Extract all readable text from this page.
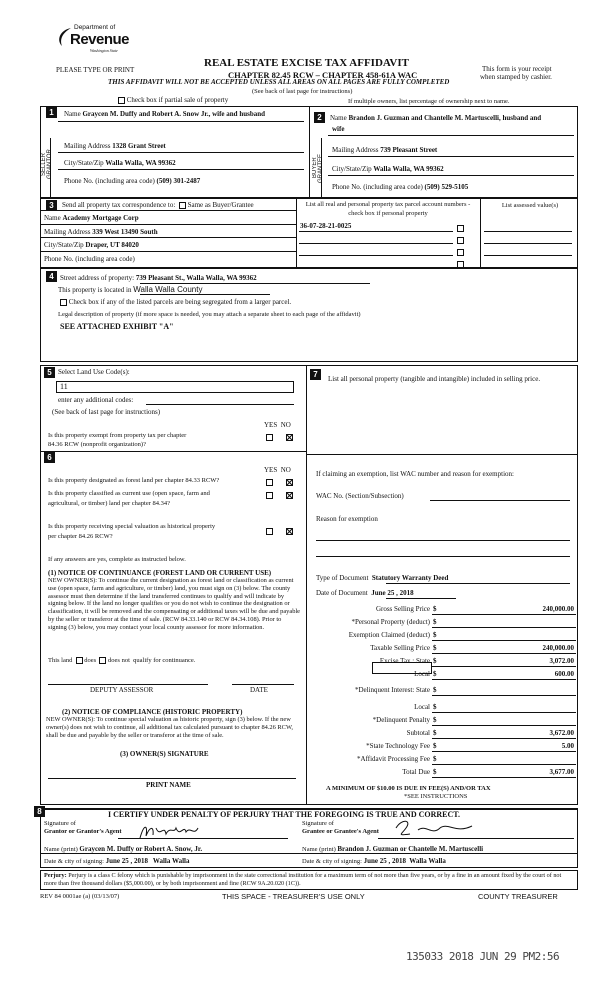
Department of
Revenue
Washington State
PLEASE TYPE OR PRINT
REAL ESTATE EXCISE TAX AFFIDAVIT
CHAPTER 82.45 RCW – CHAPTER 458-61A WAC
THIS AFFIDAVIT WILL NOT BE ACCEPTED UNLESS ALL AREAS ON ALL PAGES ARE FULLY COMPLETED
(See back of last page for instructions)
This form is your receipt
when stamped by cashier.
Check box if partial sale of property	If multiple owners, list percentage of ownership next to name.
1
2
SELLER GRANTOR	BUYER GRANTEE
Name Graycen M. Duffy and Robert A. Snow Jr., wife and husband
Mailing Address 1328 Grant Street
City/State/Zip Walla Walla, WA 99362
Phone No. (including area code) (509) 301-2487
Name Brandon J. Guzman and Chantelle M. Martuscelli, husband and
wife
Mailing Address 739 Pleasant Street
City/State/Zip Walla Walla, WA 99362
Phone No. (including area code) (509) 529-5105
3	Send all property tax correspondence to: Same as Buyer/Grantee
Name Academy Mortgage Corp
Mailing Address 339 West 13490 South
City/State/Zip Draper, UT 84020
Phone No. (including area code)
List all real and personal property tax parcel account numbers - check box if personal property
List assessed value(s)
36-07-28-21-0025
4 Street address of property: 739 Pleasant St., Walla Walla, WA 99362
This property is located in Walla Walla County
Check box if any of the listed parcels are being segregated from a larger parcel.
Legal description of property (if more space is needed, you may attach a separate sheet to each page of the affidavit)
SEE ATTACHED EXHIBIT "A"
5 Select Land Use Code(s):
11
enter any additional codes:
(See back of last page for instructions)
YES NO
Is this property exempt from property tax per chapter
84.36 RCW (nonprofit organization)?
6
YES NO
Is this property designated as forest land per chapter 84.33 RCW?
Is this property classified as current use (open space, farm and
agricultural, or timber) land per chapter 84.34?
Is this property receiving special valuation as historical property
per chapter 84.26 RCW?
If any answers are yes, complete as instructed below.
(1) NOTICE OF CONTINUANCE (FOREST LAND OR CURRENT USE)
NEW OWNER(S): To continue the current designation as forest land or classification as current use (open space, farm and agriculture, or timber) land, you must sign on (3) below. The county assessor must then determine if the land transferred continues to qualify and will indicate by signing below. If the land no longer qualifies or you do not wish to continue the designation or classification, it will be removed and the compensating or additional taxes will be due and payable by the seller or transferor at the time of sale. (RCW 84.33.140 or RCW 84.34.108). Prior to signing (3) below, you may contact your local county assessor for more information.
This land does does not qualify for continuance.
DEPUTY ASSESSOR	DATE
(2) NOTICE OF COMPLIANCE (HISTORIC PROPERTY)
NEW OWNER(S): To continue special valuation as historic property, sign (3) below. If the new owner(s) does not wish to continue, all additional tax calculated pursuant to chapter 84.26 RCW, shall be due and payable by the seller or transferor at the time of sale.
(3) OWNER(S) SIGNATURE
PRINT NAME
7	List all personal property (tangible and intangible) included in selling price.
If claiming an exemption, list WAC number and reason for exemption:
WAC No. (Section/Subsection)
Reason for exemption
Type of Document Statutory Warranty Deed
Date of Document June 25 , 2018
Gross Selling Price $	240,000.00
*Personal Property (deduct) $
Exemption Claimed (deduct) $
Taxable Selling Price $	240,000.00
Excise Tax : State $	3,072.00
Local $	600.00
*Delinquent Interest: State $
Local $
*Delinquent Penalty $
Subtotal $	3,672.00
*State Technology Fee $	5.00
*Affidavit Processing Fee $
Total Due $	3,677.00
A MINIMUM OF $10.00 IS DUE IN FEE(S) AND/OR TAX
*SEE INSTRUCTIONS
8	I CERTIFY UNDER PENALTY OF PERJURY THAT THE FOREGOING IS TRUE AND CORRECT.
Signature of
Grantor or Grantor's Agent
Signature of
Grantee or Grantee's Agent
Name (print) Graycen M. Duffy or Robert A. Snow, Jr.	Name (print) Brandon J. Guzman or Chantelle M. Martuscelli
Date & city of signing: June 25 , 2018 Walla Walla	Date & city of signing: June 25 , 2018 Walla Walla
Perjury: Perjury is a class C felony which is punishable by imprisonment in the state correctional institution for a maximum term of not more than five years, or by a fine in an amount fixed by the court of not more than five thousand dollars ($5,000.00), or by both imprisonment and fine (RCW 9A.20.020 (1C)).
REV 84 0001ae (a) (03/13/07)	THIS SPACE - TREASURER'S USE ONLY	COUNTY TREASURER
135033 2018 JUN 29 PM2:56
